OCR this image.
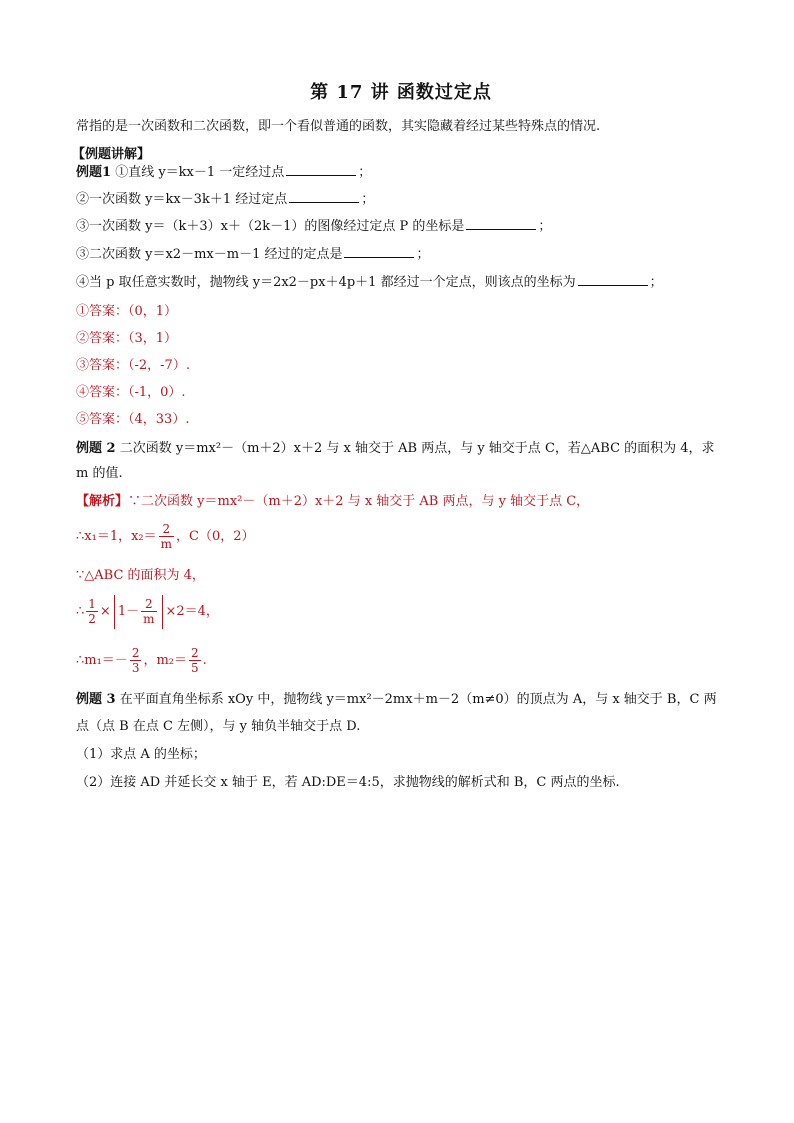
第 17 讲 函数过定点
常指的是一次函数和二次函数，即一个看似普通的函数，其实隐藏着经过某些特殊点的情况.
【例题讲解】
例题1 ①直线 y＝kx－1 一定经过点	；
②一次函数 y＝kx－3k＋1 经过定点	；
③一次函数 y＝（k＋3）x＋（2k－1）的图像经过定点 P 的坐标是	；
③二次函数 y＝x2－mx－m－1 经过的定点是	；
④当 p 取任意实数时，抛物线 y＝2x2－px＋4p＋1 都经过一个定点，则该点的坐标为	；
①答案：（0，1）
②答案：（3，1）
③答案：（-2，-7）.
④答案：（-1，0）.
⑤答案：（4，33）.
例题 2 二次函数 y＝mx²－（m＋2）x＋2 与 x 轴交于 AB 两点，与 y 轴交于点 C，若△ABC 的面积为 4，求
m 的值.
【解析】∵二次函数 y＝mx²－（m＋2）x＋2 与 x 轴交于 AB 两点，与 y 轴交于点 C，
∴x₁＝1，$x_2= \frac{2}{m}$ ，C（0，2）
∵△ABC 的面积为 4，
∴ $\frac{1}{2} \times 1- \frac{2}{m} \times 2=4$，
∴m₁＝－ $\frac{2}{3}$ ，$m_2= \frac{2}{5}$ .
例题 3 在平面直角坐标系 xOy 中，抛物线 y＝mx²－2mx＋m－2（m≠0）的顶点为 A，与 x 轴交于 B，C 两
点（点 B 在点 C 左侧），与 y 轴负半轴交于点 D.
（1）求点 A 的坐标；
（2）连接 AD 并延长交 x 轴于 E，若 AD:DE＝4:5，求抛物线的解析式和 B，C 两点的坐标.
